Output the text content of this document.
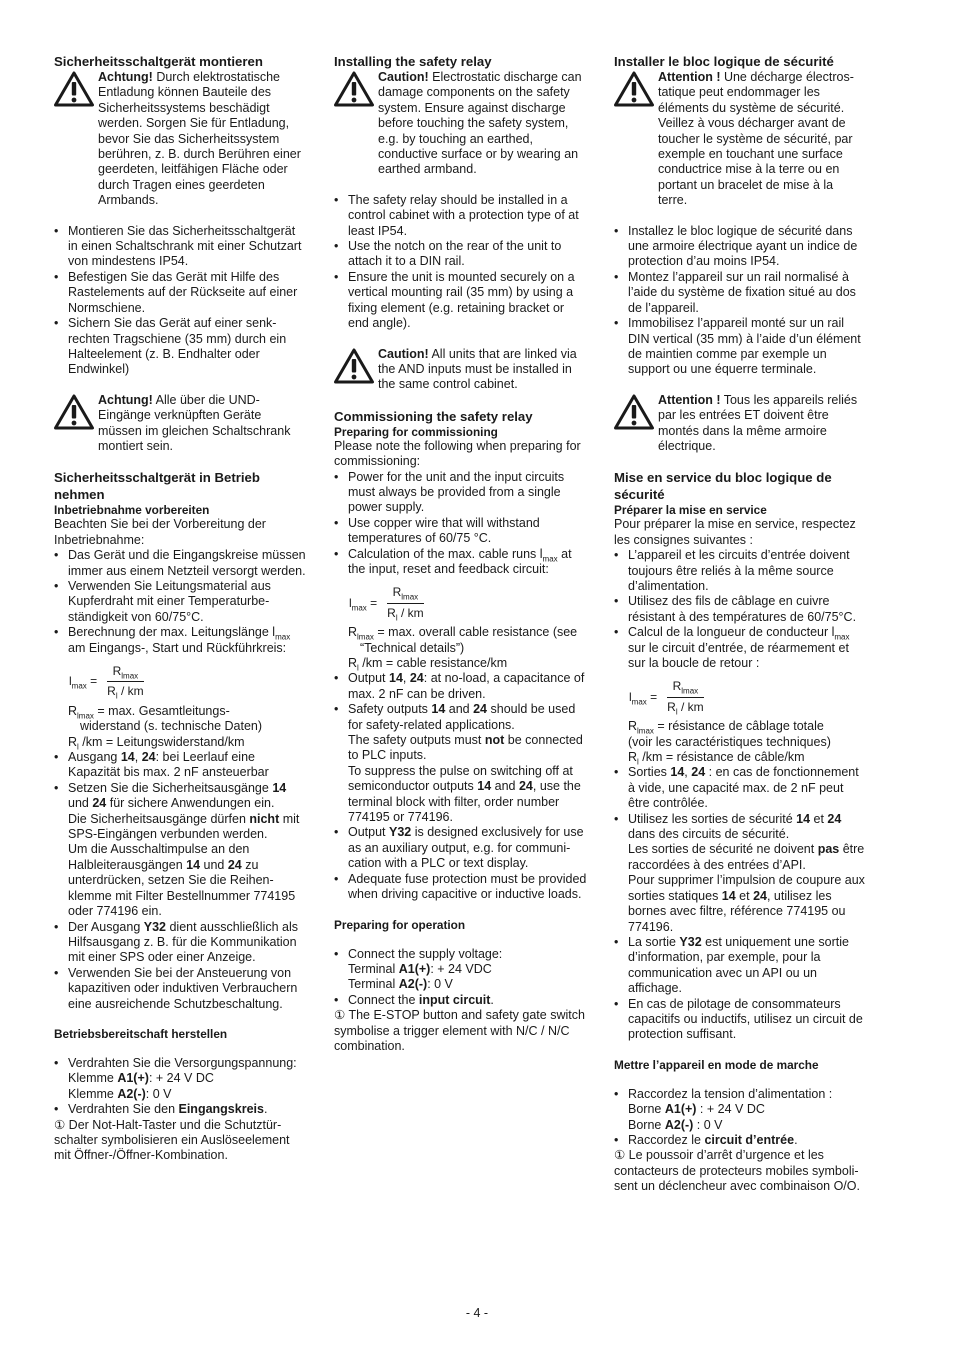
Sicherheitsschaltgerät montieren
Achtung! Durch elektrostatische
Entladung können Bauteile des
Sicherheitssystems beschädigt
werden. Sorgen Sie für Entladung,
bevor Sie das Sicherheitssystem
berühren, z. B. durch Berühren einer
geerdeten, leitfähigen Fläche oder
durch Tragen eines geerdeten
Armbands.
• Montieren Sie das Sicherheitsschaltgerät
in einen Schaltschrank mit einer Schutzart
von mindestens IP54.
• Befestigen Sie das Gerät mit Hilfe des
Rastelements auf der Rückseite auf einer
Normschiene.
• Sichern Sie das Gerät auf einer senk-
rechten Tragschiene (35 mm) durch ein
Halteelement (z. B. Endhalter oder
Endwinkel)
Achtung! Alle über die UND-
Eingänge verknüpften Geräte
müssen im gleichen Schaltschrank
montiert sein.
Sicherheitsschaltgerät in Betrieb
nehmen
Inbetriebnahme vorbereiten
Beachten Sie bei der Vorbereitung der
Inbetriebnahme:
• Das Gerät und die Eingangskreise müssen
immer aus einem Netzteil versorgt werden.
• Verwenden Sie Leitungsmaterial aus
Kupferdraht mit einer Temperaturbe-
ständigkeit von 60/75°C.
• Berechnung der max. Leitungslänge $l_{max}$
am Eingangs-, Start und Rückführkreis:
$l_{max} = \frac{R_{lmax}}{R_l / km}$
$R_{lmax} = \max$. Gesamtleitungs-
widerstand (s. technische Daten)
$R_l$ /km = Leitungswiderstand/km
• Ausgang 14, 24: bei Leerlauf eine
Kapazität bis max. 2 nF ansteuerbar
• Setzen Sie die Sicherheitsausgänge 14
und 24 für sichere Anwendungen ein.
Die Sicherheitsausgänge dürfen nicht mit
SPS-Eingängen verbunden werden.
Um die Ausschaltimpulse an den
Halbleiterausgängen 14 und 24 zu
unterdrücken, setzen Sie die Reihen-
klemme mit Filter Bestellnummer 774195
oder 774196 ein.
• Der Ausgang Y32 dient ausschließlich als
Hilfsausgang z. B. für die Kommunikation
mit einer SPS oder einer Anzeige.
• Verwenden Sie bei der Ansteuerung von
kapazitiven oder induktiven Verbrauchern
eine ausreichende Schutzbeschaltung.
Betriebsbereitschaft herstellen
• Verdrahten Sie die Versorgungspannung:
Klemme A1(+): + 24 V DC
Klemme A2(-): 0 V
• Verdrahten Sie den Eingangskreis.
① Der Not-Halt-Taster und die Schutztür-
schalter symbolisieren ein Auslöseelement
mit Öffner-/Öffner-Kombination.
Installing the safety relay
Caution! Electrostatic discharge can
damage components on the safety
system. Ensure against discharge
before touching the safety system,
e.g. by touching an earthed,
conductive surface or by wearing an
earthed armband.
• The safety relay should be installed in a
control cabinet with a protection type of at
least IP54.
• Use the notch on the rear of the unit to
attach it to a DIN rail.
• Ensure the unit is mounted securely on a
vertical mounting rail (35 mm) by using a
fixing element (e.g. retaining bracket or
end angle).
Caution! All units that are linked via
the AND inputs must be installed in
the same control cabinet.
Commissioning the safety relay
Preparing for commissioning
Please note the following when preparing for
commissioning:
• Power for the unit and the input circuits
must always be provided from a single
power supply.
• Use copper wire that will withstand
temperatures of 60/75 °C.
• Calculation of the max. cable runs $l_{max}$ at
the input, reset and feedback circuit:
$l_{max} = \frac{R_{lmax}}{R_l / km}$
$R_{lmax} = \max$. overall cable resistance (see
“Technical details”)
$R_l$ /km = cable resistance/km
• Output 14, 24: at no-load, a capacitance of
max. 2 nF can be driven.
• Safety outputs 14 and 24 should be used
for safety-related applications.
The safety outputs must not be connected
to PLC inputs.
To suppress the pulse on switching off at
semiconductor outputs 14 and 24, use the
terminal block with filter, order number
774195 or 774196.
• Output Y32 is designed exclusively for use
as an auxiliary output, e.g. for communi-
cation with a PLC or text display.
• Adequate fuse protection must be provided
when driving capacitive or inductive loads.
Preparing for operation
• Connect the supply voltage:
Terminal A1(+): + 24 VDC
Terminal A2(-): 0 V
• Connect the input circuit.
① The E-STOP button and safety gate switch
symbolise a trigger element with N/C / N/C
combination.
Installer le bloc logique de sécurité
Attention ! Une décharge électros-
tatique peut endommager les
éléments du système de sécurité.
Veillez à vous décharger avant de
toucher le système de sécurité, par
exemple en touchant une surface
conductrice mise à la terre ou en
portant un bracelet de mise à la
terre.
• Installez le bloc logique de sécurité dans
une armoire électrique ayant un indice de
protection d’au moins IP54.
• Montez l’appareil sur un rail normalisé à
l’aide du système de fixation situé au dos
de l’appareil.
• Immobilisez l’appareil monté sur un rail
DIN vertical (35 mm) à l’aide d’un élément
de maintien comme par exemple un
support ou une équerre terminale.
Attention ! Tous les appareils reliés
par les entrées ET doivent être
montés dans la même armoire
électrique.
Mise en service du bloc logique de
sécurité
Préparer la mise en service
Pour préparer la mise en service, respectez
les consignes suivantes :
• L’appareil et les circuits d’entrée doivent
toujours être reliés à la même source
d’alimentation.
• Utilisez des fils de câblage en cuivre
résistant à des températures de 60/75°C.
• Calcul de la longueur de conducteur $l_{max}$
sur le circuit d’entrée, de réarmement et
sur la boucle de retour :
$l_{max} = \frac{R_{lmax}}{R_l / km}$
$R_{lmax}$ = résistance de câblage totale
(voir les caractéristiques techniques)
$R_l$ /km = résistance de câble/km
• Sorties 14, 24 : en cas de fonctionnement
à vide, une capacité max. de 2 nF peut
être contrôlée.
• Utilisez les sorties de sécurité 14 et 24
dans des circuits de sécurité.
Les sorties de sécurité ne doivent pas être
raccordées à des entrées d’API.
Pour supprimer l’impulsion de coupure aux
sorties statiques 14 et 24, utilisez les
bornes avec filtre, référence 774195 ou
774196.
• La sortie Y32 est uniquement une sortie
d’information, par exemple, pour la
communication avec un API ou un
affichage.
• En cas de pilotage de consommateurs
capacitifs ou inductifs, utilisez un circuit de
protection suffisant.
Mettre l’appareil en mode de marche
• Raccordez la tension d’alimentation :
Borne A1(+) : + 24 V DC
Borne A2(-) : 0 V
• Raccordez le circuit d’entrée.
① Le poussoir d’arrêt d’urgence et les
contacteurs de protecteurs mobiles symboli-
sent un déclencheur avec combinaison O/O.
- 4 -
